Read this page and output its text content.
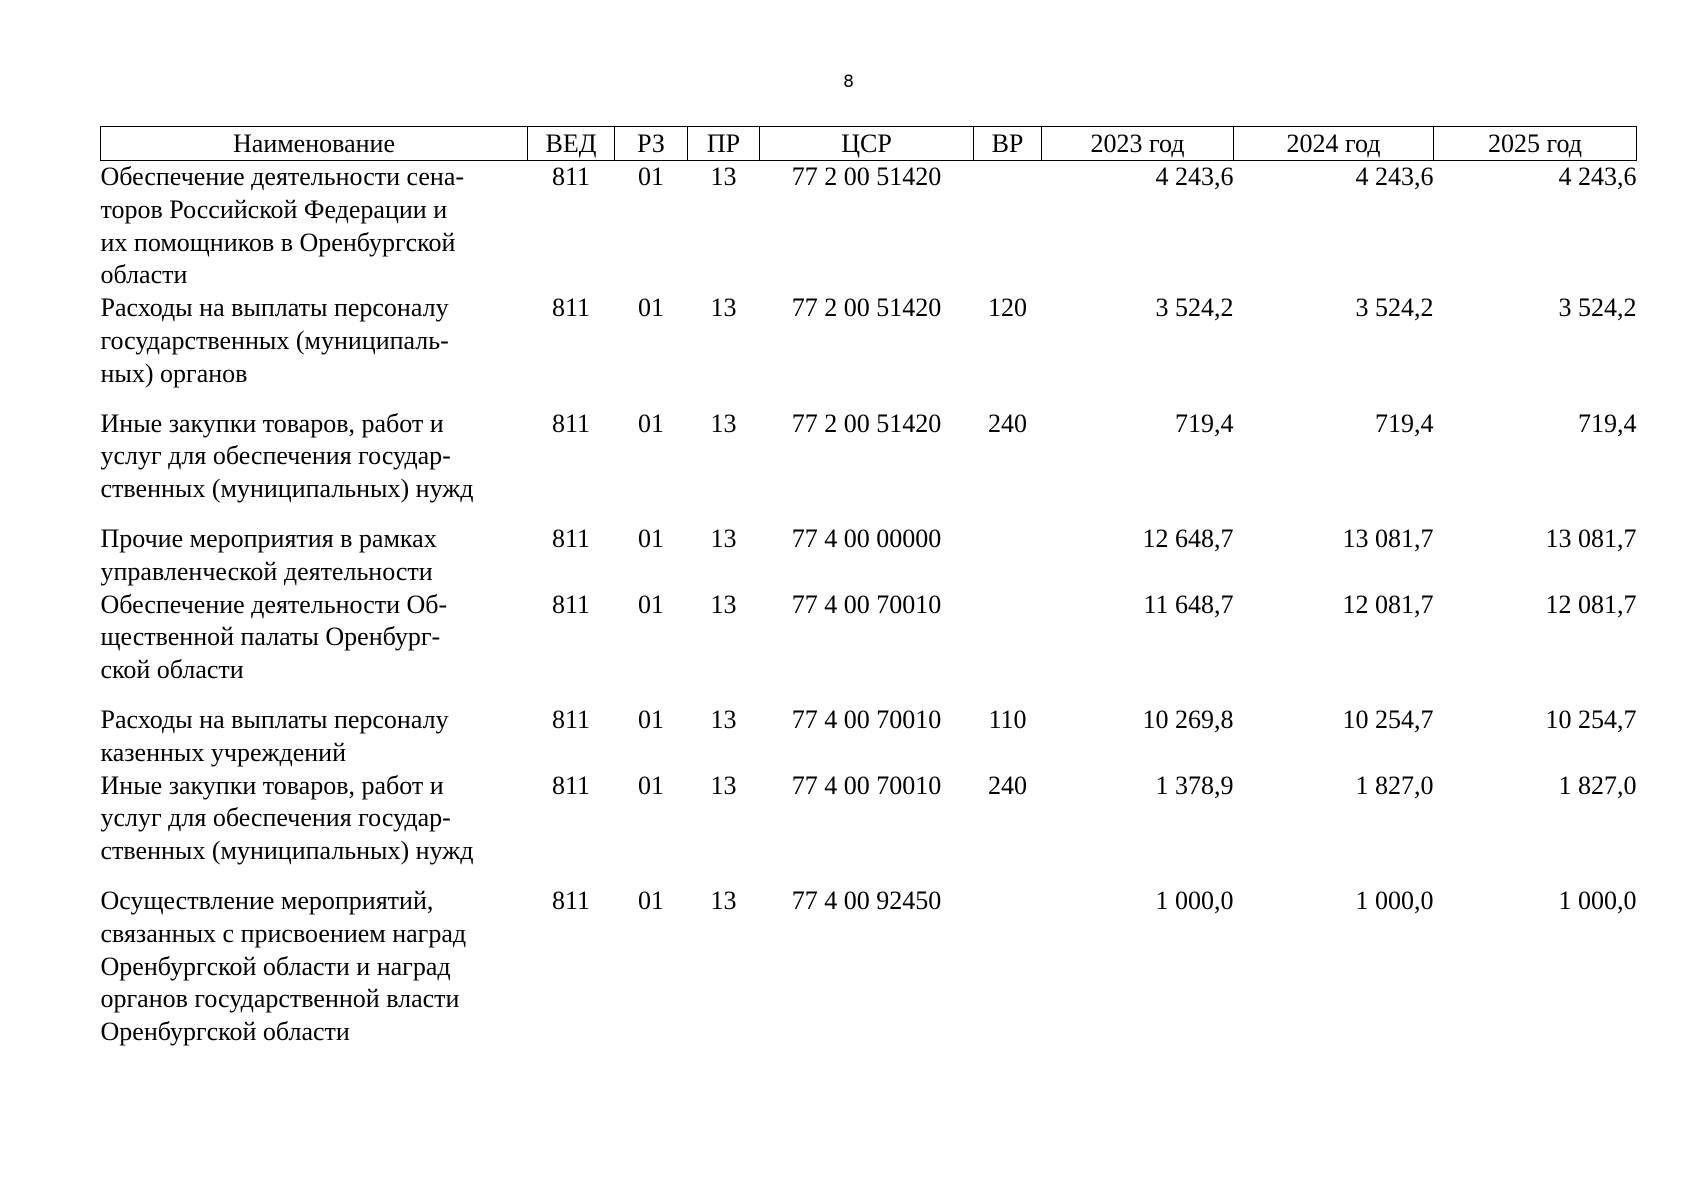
8
Наименование	ВЕД	РЗ	ПР	ЦСР	ВР	2023 год	2024 год	2025 год

Обеспечение деятельности сена-
торов Российской Федерации и
их помощников в Оренбургской
области	811	01	13	77 2 00 51420		4 243,6	4 243,6	4 243,6

Расходы на выплаты персоналу
государственных (муниципаль-
ных) органов	811	01	13	77 2 00 51420	120	3 524,2	3 524,2	3 524,2

Иные закупки товаров, работ и
услуг для обеспечения государ-
ственных (муниципальных) нужд	811	01	13	77 2 00 51420	240	719,4	719,4	719,4

Прочие мероприятия в рамках
управленческой деятельности	811	01	13	77 4 00 00000		12 648,7	13 081,7	13 081,7

Обеспечение деятельности Об-
щественной палаты Оренбург-
ской области	811	01	13	77 4 00 70010		11 648,7	12 081,7	12 081,7

Расходы на выплаты персоналу
казенных учреждений	811	01	13	77 4 00 70010	110	10 269,8	10 254,7	10 254,7

Иные закупки товаров, работ и
услуг для обеспечения государ-
ственных (муниципальных) нужд	811	01	13	77 4 00 70010	240	1 378,9	1 827,0	1 827,0

Осуществление мероприятий,
связанных с присвоением наград
Оренбургской области и наград
органов государственной власти
Оренбургской области	811	01	13	77 4 00 92450		1 000,0	1 000,0	1 000,0
